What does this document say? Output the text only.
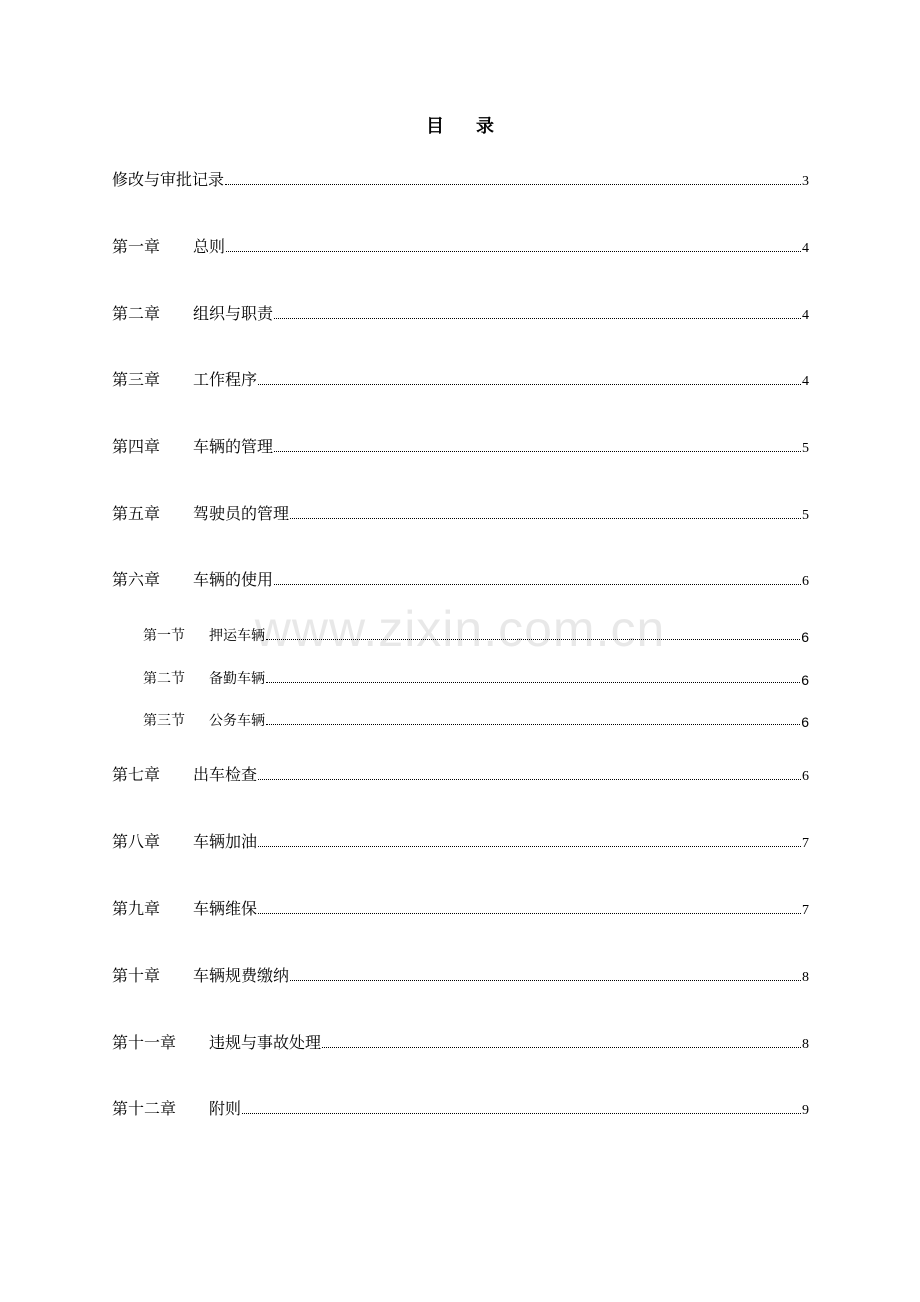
www.zixin.com.cn
目录
修改与审批记录	3
第一章	总则	4
第二章	组织与职责	4
第三章	工作程序	4
第四章	车辆的管理	5
第五章	驾驶员的管理	5
第六章	车辆的使用	6
第一节	押运车辆	6
第二节	备勤车辆	6
第三节	公务车辆	6
第七章	出车检查	6
第八章	车辆加油	7
第九章	车辆维保	7
第十章	车辆规费缴纳	8
第十一章	违规与事故处理	8
第十二章	附则	9
